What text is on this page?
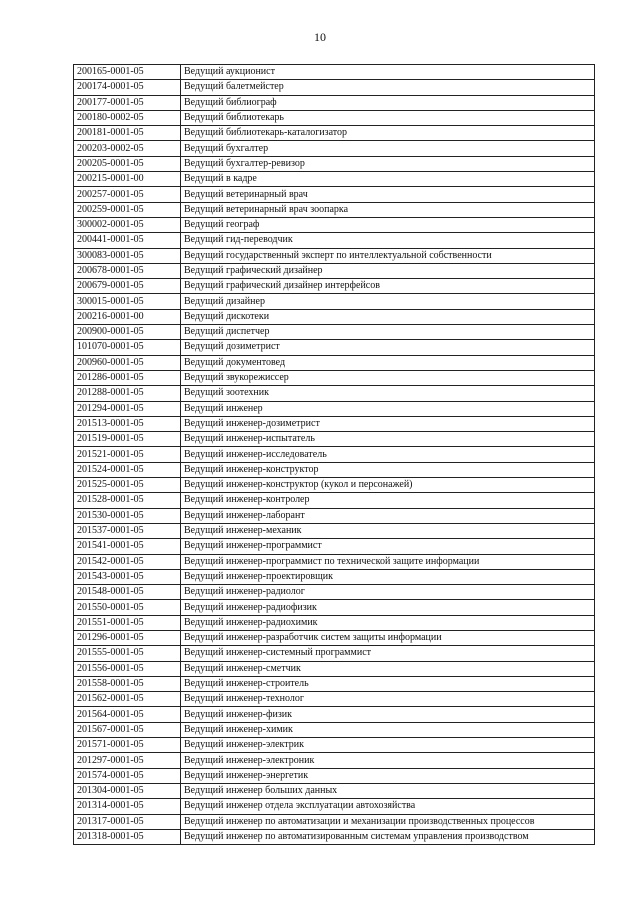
10
200165-0001-05	Ведущий аукционист
200174-0001-05	Ведущий балетмейстер
200177-0001-05	Ведущий библиограф
200180-0002-05	Ведущий библиотекарь
200181-0001-05	Ведущий библиотекарь-каталогизатор
200203-0002-05	Ведущий бухгалтер
200205-0001-05	Ведущий бухгалтер-ревизор
200215-0001-00	Ведущий в кадре
200257-0001-05	Ведущий ветеринарный врач
200259-0001-05	Ведущий ветеринарный врач зоопарка
300002-0001-05	Ведущий географ
200441-0001-05	Ведущий гид-переводчик
300083-0001-05	Ведущий государственный эксперт по интеллектуальной собственности
200678-0001-05	Ведущий графический дизайнер
200679-0001-05	Ведущий графический дизайнер интерфейсов
300015-0001-05	Ведущий дизайнер
200216-0001-00	Ведущий дискотеки
200900-0001-05	Ведущий диспетчер
101070-0001-05	Ведущий дозиметрист
200960-0001-05	Ведущий документовед
201286-0001-05	Ведущий звукорежиссер
201288-0001-05	Ведущий зоотехник
201294-0001-05	Ведущий инженер
201513-0001-05	Ведущий инженер-дозиметрист
201519-0001-05	Ведущий инженер-испытатель
201521-0001-05	Ведущий инженер-исследователь
201524-0001-05	Ведущий инженер-конструктор
201525-0001-05	Ведущий инженер-конструктор (кукол и персонажей)
201528-0001-05	Ведущий инженер-контролер
201530-0001-05	Ведущий инженер-лаборант
201537-0001-05	Ведущий инженер-механик
201541-0001-05	Ведущий инженер-программист
201542-0001-05	Ведущий инженер-программист по технической защите информации
201543-0001-05	Ведущий инженер-проектировщик
201548-0001-05	Ведущий инженер-радиолог
201550-0001-05	Ведущий инженер-радиофизик
201551-0001-05	Ведущий инженер-радиохимик
201296-0001-05	Ведущий инженер-разработчик систем защиты информации
201555-0001-05	Ведущий инженер-системный программист
201556-0001-05	Ведущий инженер-сметчик
201558-0001-05	Ведущий инженер-строитель
201562-0001-05	Ведущий инженер-технолог
201564-0001-05	Ведущий инженер-физик
201567-0001-05	Ведущий инженер-химик
201571-0001-05	Ведущий инженер-электрик
201297-0001-05	Ведущий инженер-электроник
201574-0001-05	Ведущий инженер-энергетик
201304-0001-05	Ведущий инженер больших данных
201314-0001-05	Ведущий инженер отдела эксплуатации автохозяйства
201317-0001-05	Ведущий инженер по автоматизации и механизации производственных процессов
201318-0001-05	Ведущий инженер по автоматизированным системам управления производством
